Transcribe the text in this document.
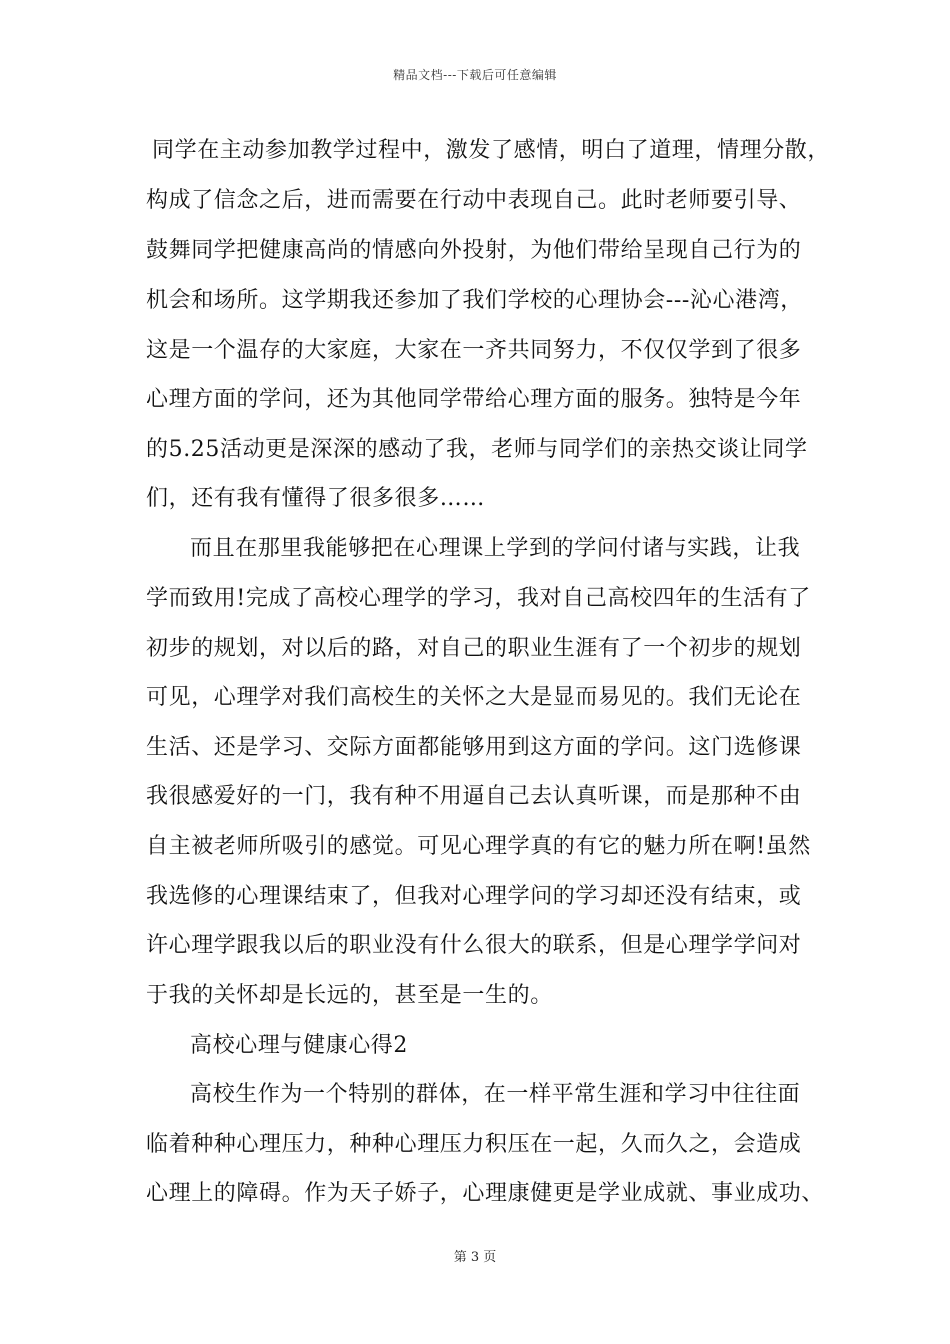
精品文档---下载后可任意编辑
同学在主动参加教学过程中，激发了感情，明白了道理，情理分散，
构成了信念之后，进而需要在行动中表现自己。此时老师要引导、
鼓舞同学把健康高尚的情感向外投射，为他们带给呈现自己行为的
机会和场所。这学期我还参加了我们学校的心理协会---沁心港湾，
这是一个温存的大家庭，大家在一齐共同努力，不仅仅学到了很多
心理方面的学问，还为其他同学带给心理方面的服务。独特是今年
的5.25活动更是深深的感动了我，老师与同学们的亲热交谈让同学
们，还有我有懂得了很多很多……
而且在那里我能够把在心理课上学到的学问付诸与实践，让我
学而致用!完成了高校心理学的学习，我对自己高校四年的生活有了
初步的规划，对以后的路，对自己的职业生涯有了一个初步的规划
可见，心理学对我们高校生的关怀之大是显而易见的。我们无论在
生活、还是学习、交际方面都能够用到这方面的学问。这门选修课
我很感爱好的一门，我有种不用逼自己去认真听课，而是那种不由
自主被老师所吸引的感觉。可见心理学真的有它的魅力所在啊!虽然
我选修的心理课结束了，但我对心理学问的学习却还没有结束，或
许心理学跟我以后的职业没有什么很大的联系，但是心理学学问对
于我的关怀却是长远的，甚至是一生的。
高校心理与健康心得2
高校生作为一个特别的群体，在一样平常生涯和学习中往往面
临着种种心理压力，种种心理压力积压在一起，久而久之，会造成
心理上的障碍。作为天子娇子，心理康健更是学业成就、事业成功、
第 3 页
